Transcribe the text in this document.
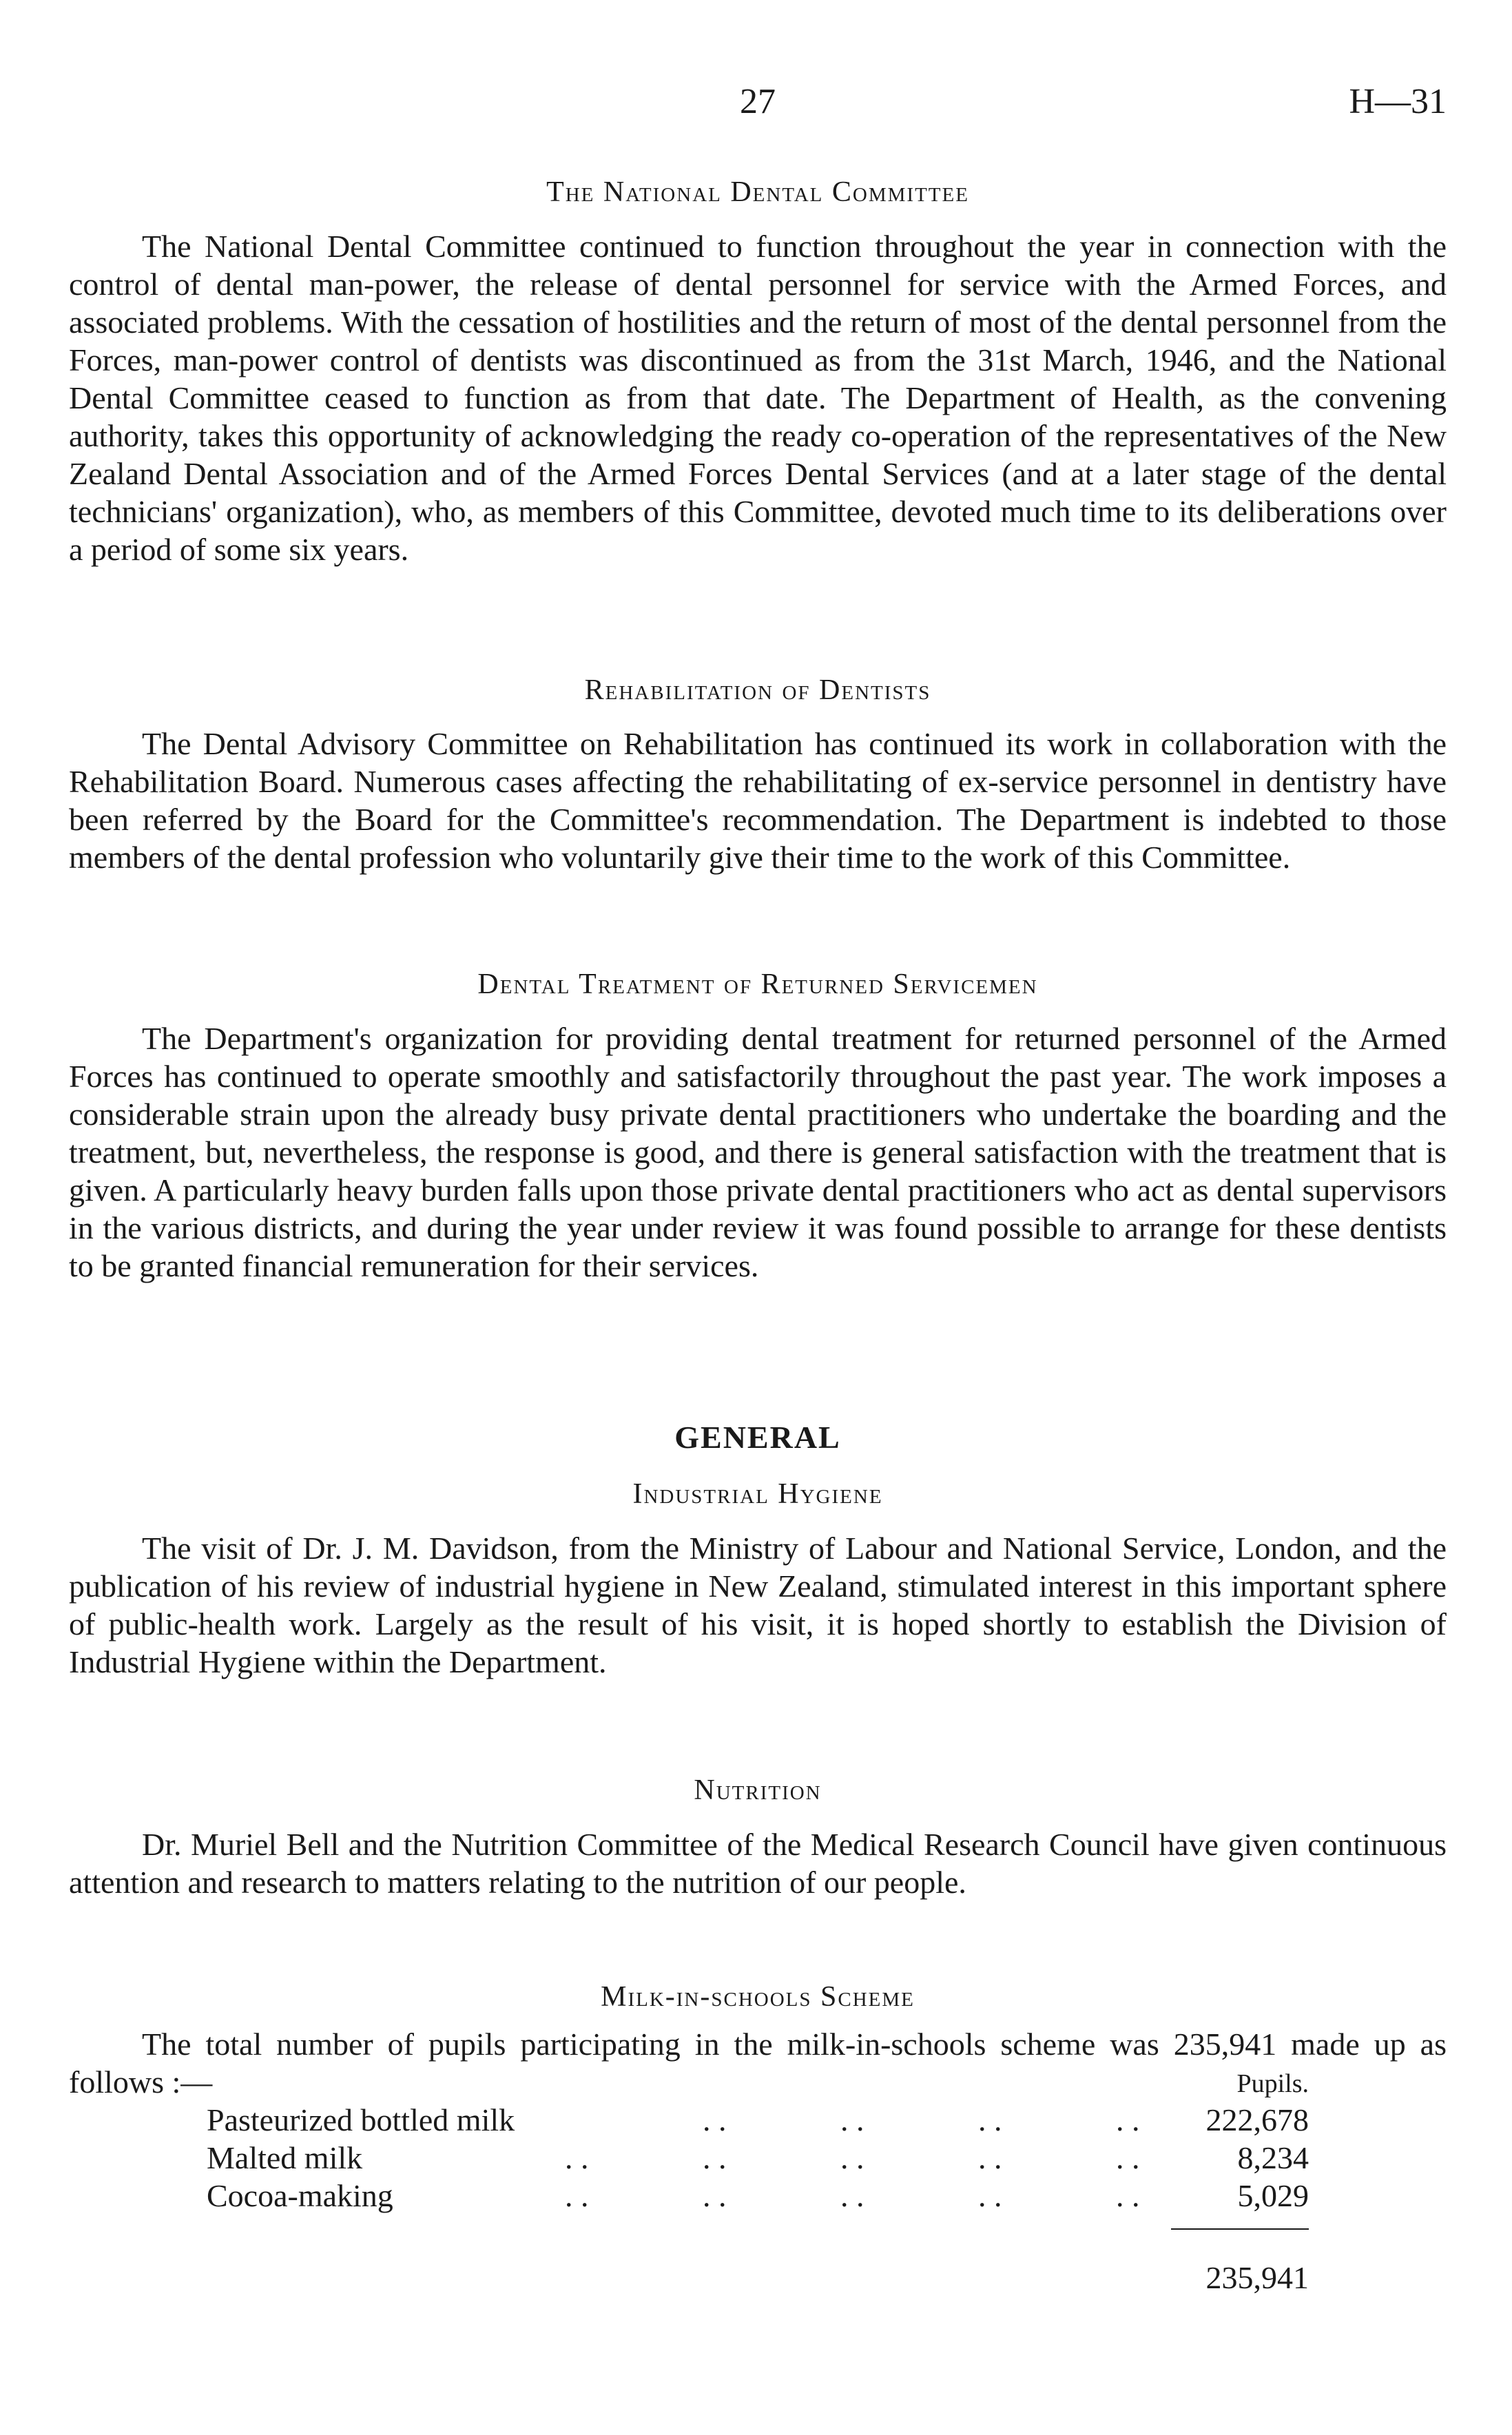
27	H—31
The National Dental Committee

The National Dental Committee continued to function throughout the year in connection with the control of dental man-power, the release of dental personnel for service with the Armed Forces, and associated problems. With the cessation of hostilities and the return of most of the dental personnel from the Forces, man-power control of dentists was discontinued as from the 31st March, 1946, and the National Dental Committee ceased to function as from that date. The Department of Health, as the convening authority, takes this opportunity of acknowledging the ready co-operation of the representatives of the New Zealand Dental Association and of the Armed Forces Dental Services (and at a later stage of the dental technicians' organization), who, as members of this Committee, devoted much time to its deliberations over a period of some six years.

Rehabilitation of Dentists

The Dental Advisory Committee on Rehabilitation has continued its work in collaboration with the Rehabilitation Board. Numerous cases affecting the rehabilitating of ex-service personnel in dentistry have been referred by the Board for the Committee's recommendation. The Department is indebted to those members of the dental profession who voluntarily give their time to the work of this Committee.

Dental Treatment of Returned Servicemen

The Department's organization for providing dental treatment for returned personnel of the Armed Forces has continued to operate smoothly and satisfactorily throughout the past year. The work imposes a considerable strain upon the already busy private dental practitioners who undertake the boarding and the treatment, but, nevertheless, the response is good, and there is general satisfaction with the treatment that is given. A particularly heavy burden falls upon those private dental practitioners who act as dental supervisors in the various districts, and during the year under review it was found possible to arrange for these dentists to be granted financial remuneration for their services.

GENERAL
Industrial Hygiene

The visit of Dr. J. M. Davidson, from the Ministry of Labour and National Service, London, and the publication of his review of industrial hygiene in New Zealand, stimulated interest in this important sphere of public-health work. Largely as the result of his visit, it is hoped shortly to establish the Division of Industrial Hygiene within the Department.

Nutrition

Dr. Muriel Bell and the Nutrition Committee of the Medical Research Council have given continuous attention and research to matters relating to the nutrition of our people.

Milk-in-schools Scheme

The total number of pupils participating in the milk-in-schools scheme was 235,941 made up as follows :—	Pupils.
. .	. .	. .	. .
Pasteurized bottled milk	222,678
. .	. .	. .	. .	. .
Malted milk	8,234
. .	. .	. .	. .	. .
Cocoa-making	5,029
235,941
